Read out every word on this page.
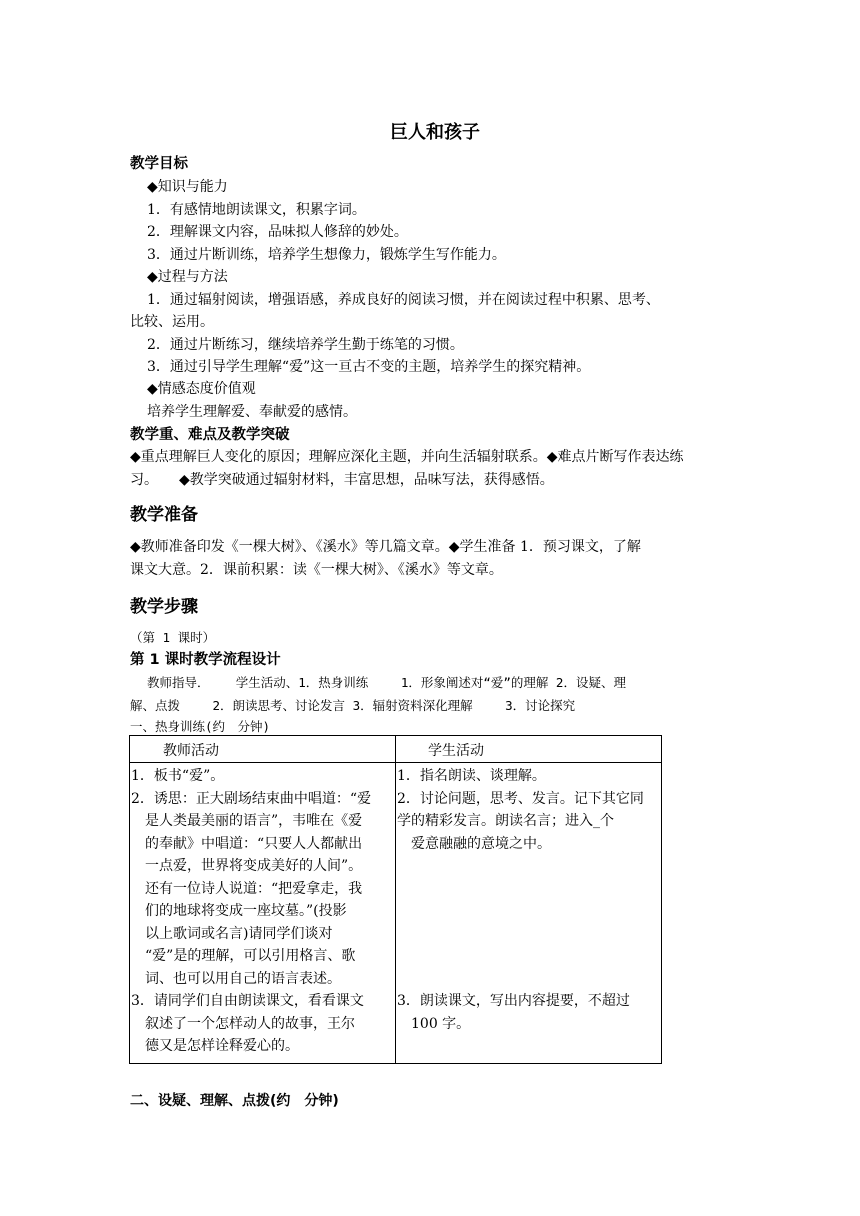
巨人和孩子
教学目标
◆知识与能力
1．有感情地朗读课文，积累字词。
2．理解课文内容，品味拟人修辞的妙处。
3．通过片断训练，培养学生想像力，锻炼学生写作能力。
◆过程与方法
1．通过辐射阅读，增强语感，养成良好的阅读习惯，并在阅读过程中积累、思考、
比较、运用。
2．通过片断练习，继续培养学生勤于练笔的习惯。
3．通过引导学生理解“爱”这一亘古不变的主题，培养学生的探究精神。
◆情感态度价值观
培养学生理解爱、奉献爱的感情。
教学重、难点及教学突破
◆重点理解巨人变化的原因；理解应深化主题，并向生活辐射联系。◆难点片断写作表达练
习。　　◆教学突破通过辐射材料，丰富思想，品味写法，获得感悟。
教学准备
◆教师准备印发《一棵大树》、《溪水》等几篇文章。◆学生准备 1．预习课文，了解
课文大意。2．课前积累：读《一棵大树》、《溪水》等文章。
教学步骤
（第 1 课时）
第 1 课时教学流程设计
教师指导．　　 学生活动、1．热身训练　　 1．形象阐述对“爱”的理解 2．设疑、理
解、点拨　　 2．朗读思考、讨论发言 3．辐射资料深化理解　　 3．讨论探究
一、热身训练(约　分钟)
教师活动	学生活动
1．板书“爱”。
2．诱思：正大剧场结束曲中唱道：“爱
　是人类最美丽的语言”，韦唯在《爱
　的奉献》中唱道：“只要人人都献出
　一点爱，世界将变成美好的人间”。
　还有一位诗人说道：“把爱拿走，我
　们的地球将变成一座坟墓。”(投影
　以上歌词或名言)请同学们谈对
　“爱”是的理解，可以引用格言、歌
　词、也可以用自己的语言表述。
3．请同学们自由朗读课文，看看课文
　叙述了一个怎样动人的故事，王尔
　德又是怎样诠释爱心的。
1．指名朗读、谈理解。
2．讨论问题，思考、发言。记下其它同
学的精彩发言。朗读名言；进入_个
　爱意融融的意境之中。
3．朗读课文，写出内容提要，不超过
　100 字。
二、设疑、理解、点拨(约　分钟)
